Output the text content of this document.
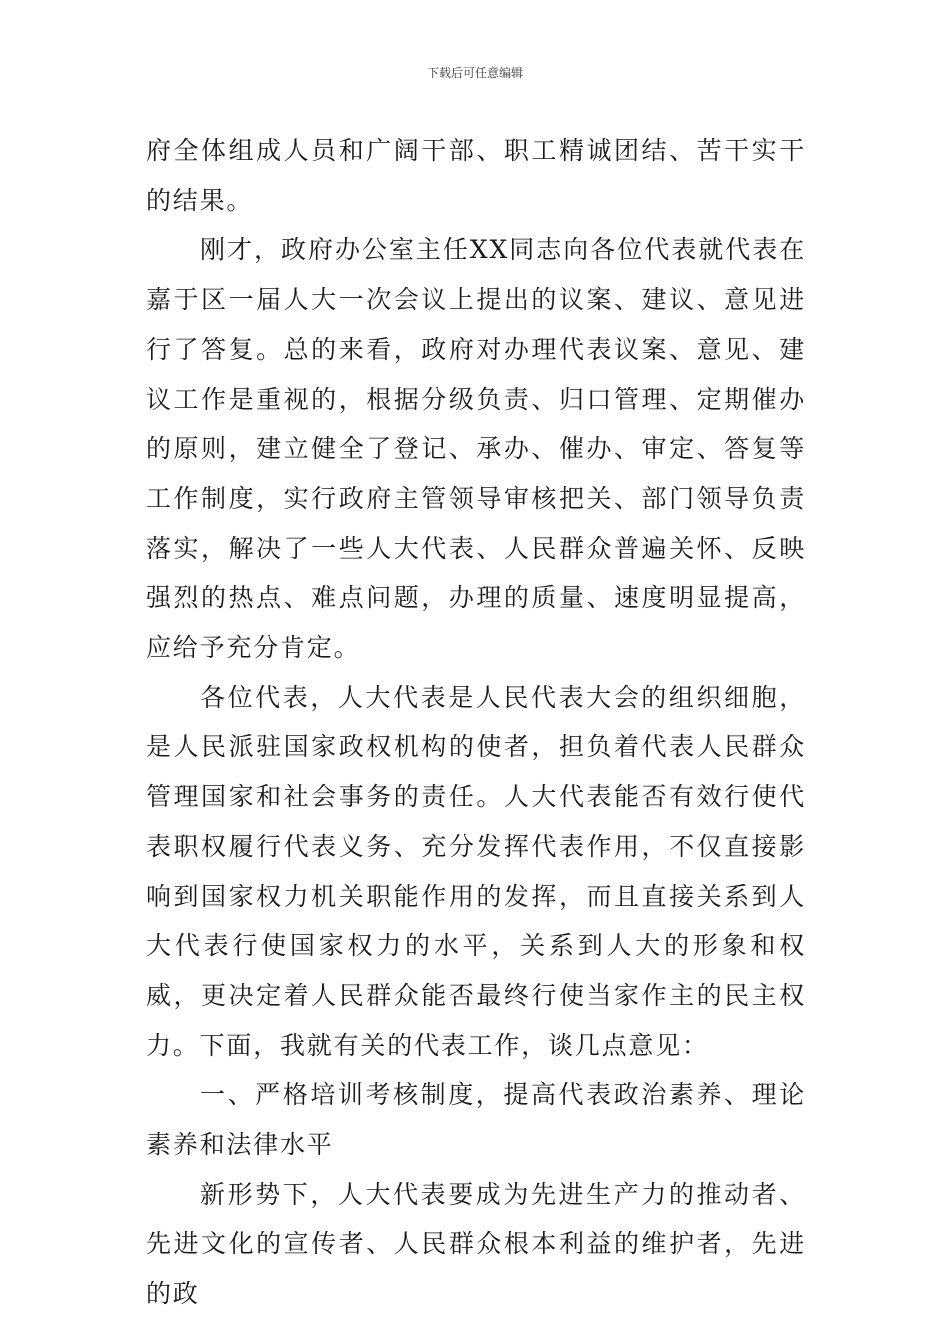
下载后可任意编辑

府全体组成人员和广阔干部、职工精诚团结、苦干实干的结果。

刚才，政府办公室主任XX同志向各位代表就代表在嘉于区一届人大一次会议上提出的议案、建议、意见进行了答复。总的来看，政府对办理代表议案、意见、建议工作是重视的，根据分级负责、归口管理、定期催办的原则，建立健全了登记、承办、催办、审定、答复等工作制度，实行政府主管领导审核把关、部门领导负责落实，解决了一些人大代表、人民群众普遍关怀、反映强烈的热点、难点问题，办理的质量、速度明显提高，应给予充分肯定。

各位代表，人大代表是人民代表大会的组织细胞，是人民派驻国家政权机构的使者，担负着代表人民群众管理国家和社会事务的责任。人大代表能否有效行使代表职权履行代表义务、充分发挥代表作用，不仅直接影响到国家权力机关职能作用的发挥，而且直接关系到人大代表行使国家权力的水平，关系到人大的形象和权威，更决定着人民群众能否最终行使当家作主的民主权力。下面，我就有关的代表工作，谈几点意见：

一、严格培训考核制度，提高代表政治素养、理论素养和法律水平

新形势下，人大代表要成为先进生产力的推动者、先进文化的宣传者、人民群众根本利益的维护者，先进的政
